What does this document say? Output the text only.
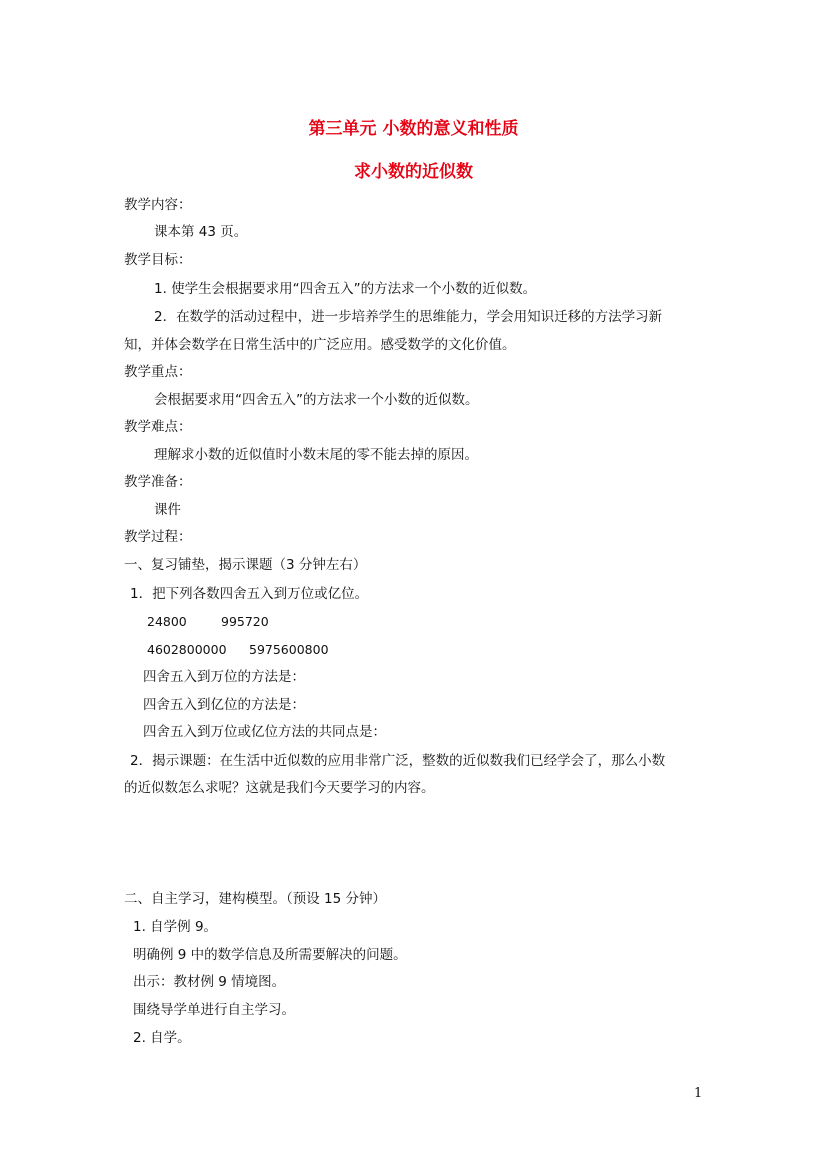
第三单元 小数的意义和性质
求小数的近似数
教学内容：
课本第 43 页。
教学目标：
1. 使学生会根据要求用“四舍五入”的方法求一个小数的近似数。
2．在数学的活动过程中，进一步培养学生的思维能力，学会用知识迁移的方法学习新
知，并体会数学在日常生活中的广泛应用。感受数学的文化价值。
教学重点：
会根据要求用“四舍五入”的方法求一个小数的近似数。
教学难点：
理解求小数的近似值时小数末尾的零不能去掉的原因。
教学准备：
课件
教学过程：
一、复习铺垫，揭示课题（3 分钟左右）
1．把下列各数四舍五入到万位或亿位。
24800	995720
4602800000 5975600800
四舍五入到万位的方法是：
四舍五入到亿位的方法是：
四舍五入到万位或亿位方法的共同点是：
2．揭示课题：在生活中近似数的应用非常广泛，整数的近似数我们已经学会了，那么小数
的近似数怎么求呢？这就是我们今天要学习的内容。
二、自主学习，建构模型。（预设 15 分钟）
1. 自学例 9。
明确例 9 中的数学信息及所需要解决的问题。
出示：教材例 9 情境图。
围绕导学单进行自主学习。
2. 自学。
1
